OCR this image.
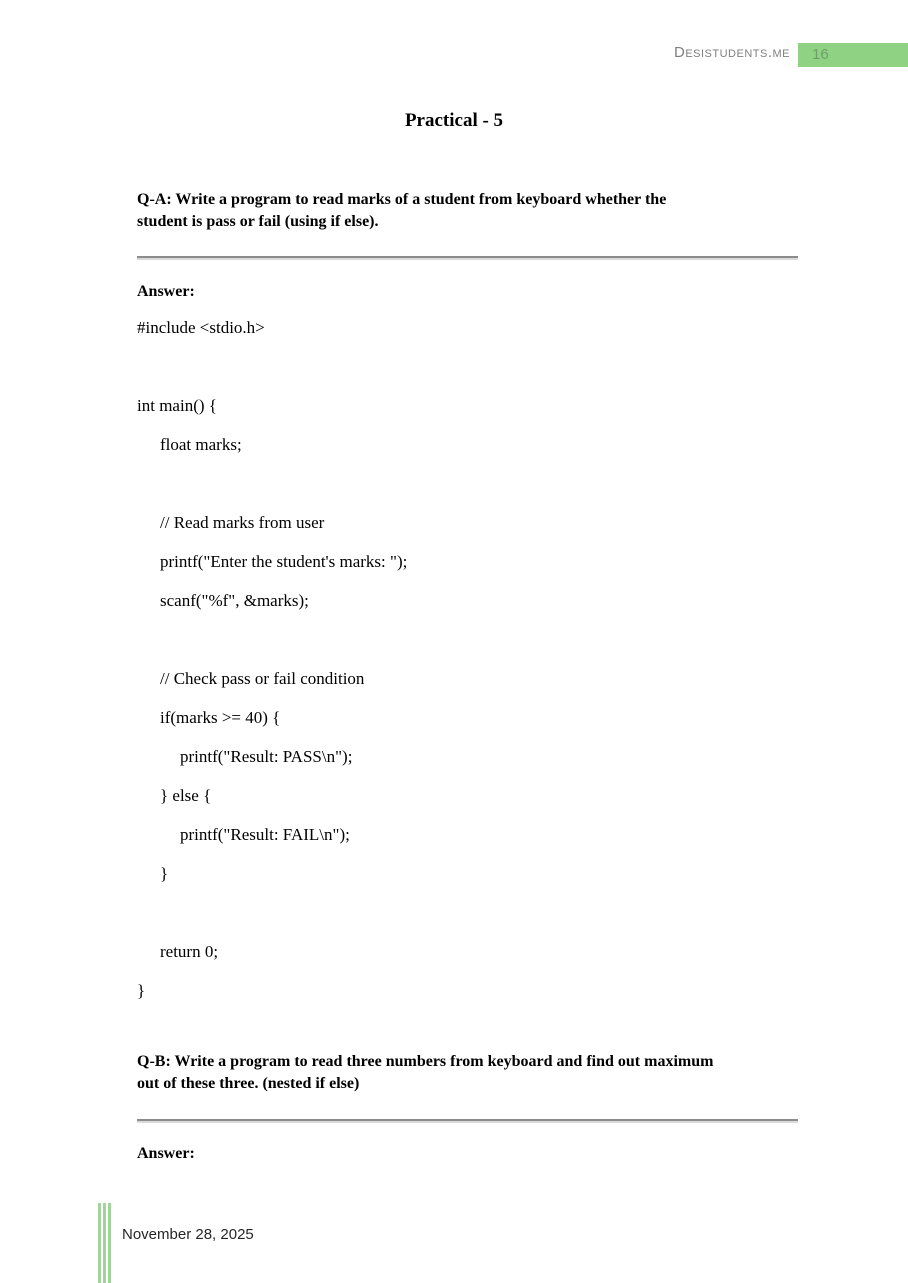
Desistudents.me	16
Practical - 5
Q-A: Write a program to read marks of a student from keyboard whether the
student is pass or fail (using if else).
Answer:
#include <stdio.h>
int main() {
float marks;
// Read marks from user
printf("Enter the student's marks: ");
scanf("%f", &marks);
// Check pass or fail condition
if(marks >= 40) {
printf("Result: PASS\n");
} else {
printf("Result: FAIL\n");
}
return 0;
}
Q-B: Write a program to read three numbers from keyboard and find out maximum
out of these three. (nested if else)
Answer:
November 28, 2025
